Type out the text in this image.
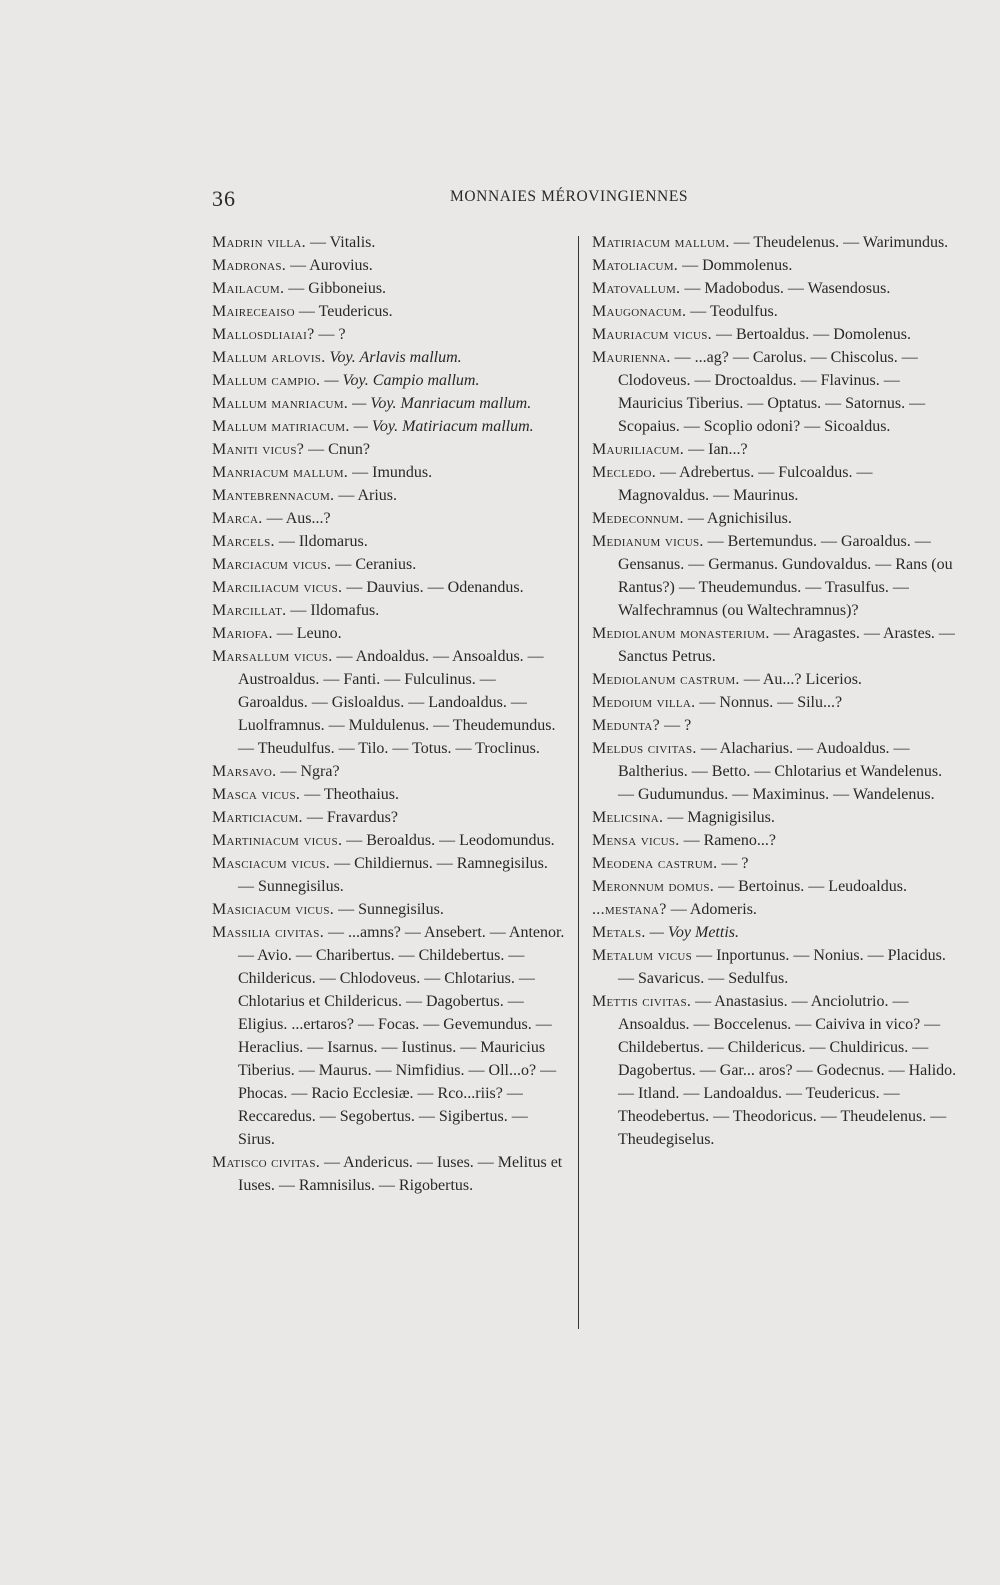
36	MONNAIES MÉROVINGIENNES
Madrin villa. — Vitalis.
Madronas. — Aurovius.
Mailacum. — Gibboneius.
Maireceaiso — Teudericus.
Mallosdliaiai? — ?
Mallum arlovis. Voy. Arlavis mallum.
Mallum campio. — Voy. Campio mallum.
Mallum manriacum. — Voy. Manriacum mallum.
Mallum matiriacum. — Voy. Matiriacum mallum.
Maniti vicus? — Cnun?
Manriacum mallum. — Imundus.
Mantebrennacum. — Arius.
Marca. — Aus...?
Marcels. — Ildomarus.
Marciacum vicus. — Ceranius.
Marciliacum vicus. — Dauvius. — Odenandus.
Marcillat. — Ildomafus.
Mariofa. — Leuno.
Marsallum vicus. — Andoaldus. — Ansoaldus. — Austroaldus. — Fanti. — Fulculinus. — Garoaldus. — Gisloaldus. — Landoaldus. — Luolframnus. — Muldulenus. — Theudemundus. — Theudulfus. — Tilo. — Totus. — Troclinus.
Marsavo. — Ngra?
Masca vicus. — Theothaius.
Marticiacum. — Fravardus?
Martiniacum vicus. — Beroaldus. — Leodomundus.
Masciacum vicus. — Childiernus. — Ramnegisilus. — Sunnegisilus.
Masiciacum vicus. — Sunnegisilus.
Massilia civitas. — ...amns? — Ansebert. — Antenor. — Avio. — Charibertus. — Childebertus. — Childericus. — Chlodoveus. — Chlotarius. — Chlotarius et Childericus. — Dagobertus. — Eligius. ...ertaros? — Focas. — Gevemundus. — Heraclius. — Isarnus. — Iustinus. — Mauricius Tiberius. — Maurus. — Nimfidius. — Oll...o? — Phocas. — Racio Ecclesiæ. — Rco...riis? — Reccaredus. — Segobertus. — Sigibertus. — Sirus.
Matisco civitas. — Andericus. — Iuses. — Melitus et Iuses. — Ramnisilus. — Rigobertus.
Matiriacum mallum. — Theudelenus. — Warimundus.
Matoliacum. — Dommolenus.
Matovallum. — Madobodus. — Wasendosus.
Maugonacum. — Teodulfus.
Mauriacum vicus. — Bertoaldus. — Domolenus.
Maurienna. — ...ag? — Carolus. — Chiscolus. — Clodoveus. — Droctoaldus. — Flavinus. — Mauricius Tiberius. — Optatus. — Satornus. — Scopaius. — Scoplio odoni? — Sicoaldus.
Mauriliacum. — Ian...?
Mecledo. — Adrebertus. — Fulcoaldus. — Magnovaldus. — Maurinus.
Medeconnum. — Agnichisilus.
Medianum vicus. — Bertemundus. — Garoaldus. — Gensanus. — Germanus. Gundovaldus. — Rans (ou Rantus?) — Theudemundus. — Trasulfus. — Walfechramnus (ou Waltechramnus)?
Mediolanum monasterium. — Aragastes. — Arastes. — Sanctus Petrus.
Mediolanum castrum. — Au...? Licerios.
Medoium villa. — Nonnus. — Silu...?
Medunta? — ?
Meldus civitas. — Alacharius. — Audoaldus. — Baltherius. — Betto. — Chlotarius et Wandelenus. — Gudumundus. — Maximinus. — Wandelenus.
Melicsina. — Magnigisilus.
Mensa vicus. — Rameno...?
Meodena castrum. — ?
Meronnum domus. — Bertoinus. — Leudoaldus.
...mestana? — Adomeris.
Metals. — Voy Mettis.
Metalum vicus — Inportunus. — Nonius. — Placidus. — Savaricus. — Sedulfus.
Mettis civitas. — Anastasius. — Anciolutrio. — Ansoaldus. — Boccelenus. — Caiviva in vico? — Childebertus. — Childericus. — Chuldiricus. — Dagobertus. — Gar... aros? — Godecnus. — Halido. — Itland. — Landoaldus. — Teudericus. — Theodebertus. — Theodoricus. — Theudelenus. — Theudegiselus.
